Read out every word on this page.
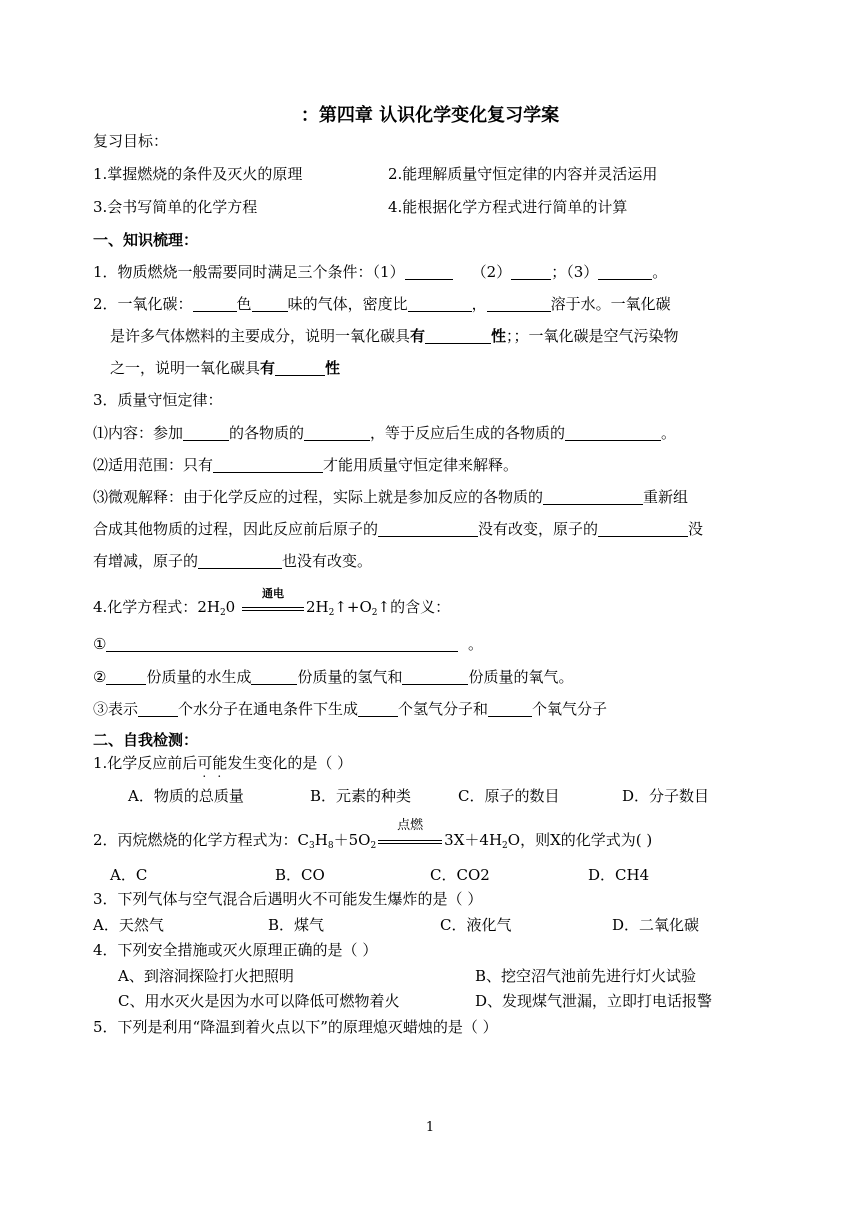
：第四章 认识化学变化复习学案
复习目标：
1.掌握燃烧的条件及灭火的原理	2.能理解质量守恒定律的内容并灵活运用
3.会书写简单的化学方程	4.能根据化学方程式进行简单的计算
一、知识梳理：
1．物质燃烧一般需要同时满足三个条件：（1）	（2）	；（3）	。
2．一氧化碳：	色 味的气体，密度比	，	溶于水。一氧化碳
是许多气体燃料的主要成分，说明一氧化碳具有	性；；一氧化碳是空气污染物
之一，说明一氧化碳具有	性
3．质量守恒定律：
⑴内容：参加	的各物质的	，等于反应后生成的各物质的	。
⑵适用范围：只有	才能用质量守恒定律来解释。
⑶微观解释：由于化学反应的过程，实际上就是参加反应的各物质的	重新组
合成其他物质的过程，因此反应前后原子的	没有改变，原子的	没
有增减，原子的	也没有改变。
4.化学方程式：$2H_20$
通电
$2H_2↑+O_2↑$的含义：
①	。
②	份质量的水生成	份质量的氢气和	份质量的氧气。
③表示	个水分子在通电条件下生成	个氢气分子和	个氧气分子
二、自我检测：
1.化学反应前后可能发生变化的是（ ）
A．物质的总质量	B．元素的种类	C．原子的数目	D．分子数目
2．丙烷燃烧的化学方程式为：$C_3H_8+5O_2$
点燃
$3X+4H_2O$，则X的化学式为( )
A．C	B．CO	C．CO2	D．CH4
3．下列气体与空气混合后遇明火不可能发生爆炸的是（ ）
A．天然气	B．煤气	C．液化气	D．二氧化碳
4．下列安全措施或灭火原理正确的是（ ）
A、到溶洞探险打火把照明	B、挖空沼气池前先进行灯火试验
C、用水灭火是因为水可以降低可燃物着火	D、发现煤气泄漏，立即打电话报警
5．下列是利用“降温到着火点以下”的原理熄灭蜡烛的是（ ）
1
